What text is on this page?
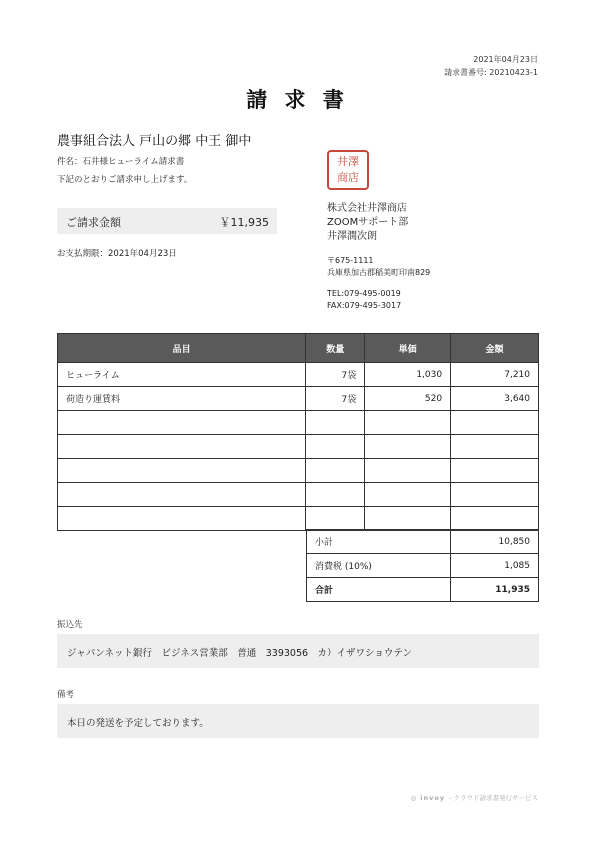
2021年04月23日
請求書番号: 20210423-1
請 求 書
農事組合法人 戸山の郷 中王 御中
件名：石井様ヒューライム請求書
下記のとおりご請求申し上げます。
ご請求金額	￥11,935
お支払期限：2021年04月23日
井澤
商店
株式会社井澤商店
ZOOMサポート部
井澤潤次朗
〒675-1111
兵庫県加古郡稲美町印南829
TEL:079-495-0019
FAX:079-495-3017
品目	数量	単価	金額
ヒューライム	7袋	1,030	7,210
荷造り運賃料	7袋	520	3,640

小計	10,850
消費税 (10%)	1,085
合計	11,935
振込先
ジャパンネット銀行　ビジネス営業部　普通　3393056　カ）イザワショウテン
備考
本日の発送を予定しております。
◎ invoy - クラウド請求書発行サービス
